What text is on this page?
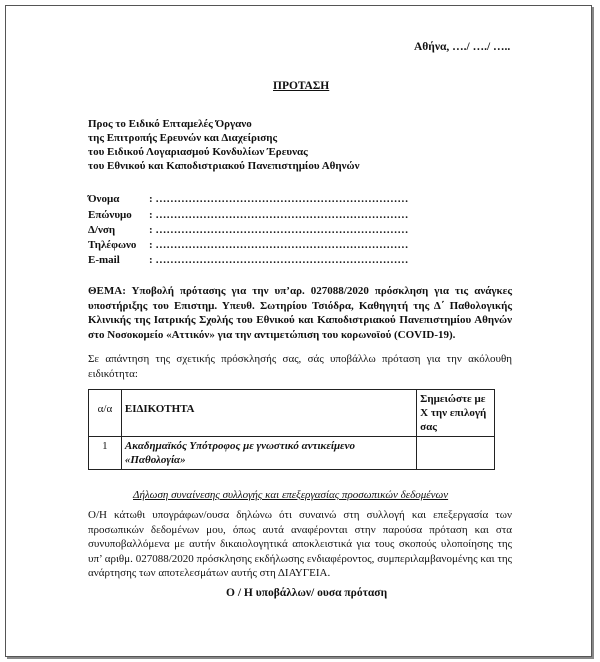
Αθήνα, …./ …./ …..
ΠΡΟΤΑΣΗ
Προς το Ειδικό Επταμελές Όργανο
της Επιτροπής Ερευνών και Διαχείρισης
του Ειδικού Λογαριασμού Κονδυλίων Έρευνας
του Εθνικού και Καποδιστριακού Πανεπιστημίου Αθηνών
Όνομα	: ……………………………………………………………
Επώνυμο : ……………………………………………………………
Δ/νση	: ……………………………………………………………
Τηλέφωνο : ……………………………………………………………
E-mail	: ……………………………………………………………
ΘΕΜΑ: Υποβολή πρότασης για την υπ’αρ. 027088/2020 πρόσκληση για τις ανάγκες υποστήριξης του Επιστημ. Υπευθ. Σωτηρίου Τσιόδρα, Καθηγητή της Δ΄ Παθολογικής Κλινικής της Ιατρικής Σχολής του Εθνικού και Καποδιστριακού Πανεπιστημίου Αθηνών στο Νοσοκομείο «Αττικόν» για την αντιμετώπιση του κορωνοϊού (COVID-19).
Σε απάντηση της σχετικής πρόσκλησής σας, σάς υποβάλλω πρόταση για την ακόλουθη ειδικότητα:
α/α	ΕΙΔΙΚΟΤΗΤΑ	Σημειώστε με Χ την επιλογή σας
1	Ακαδημαϊκός Υπότροφος με γνωστικό αντικείμενο «Παθολογία»	
Δήλωση συναίνεσης συλλογής και επεξεργασίας προσωπικών δεδομένων
Ο/Η κάτωθι υπογράφων/ουσα δηλώνω ότι συναινώ στη συλλογή και επεξεργασία των προσωπικών δεδομένων μου, όπως αυτά αναφέρονται στην παρούσα πρόταση και στα συνυποβαλλόμενα με αυτήν δικαιολογητικά αποκλειστικά για τους σκοπούς υλοποίησης της υπ’ αριθμ. 027088/2020 πρόσκλησης εκδήλωσης ενδιαφέροντος, συμπεριλαμβανομένης και της ανάρτησης των αποτελεσμάτων αυτής στη ΔΙΑΥΓΕΙΑ.
Ο / Η υποβάλλων/ ουσα πρόταση
